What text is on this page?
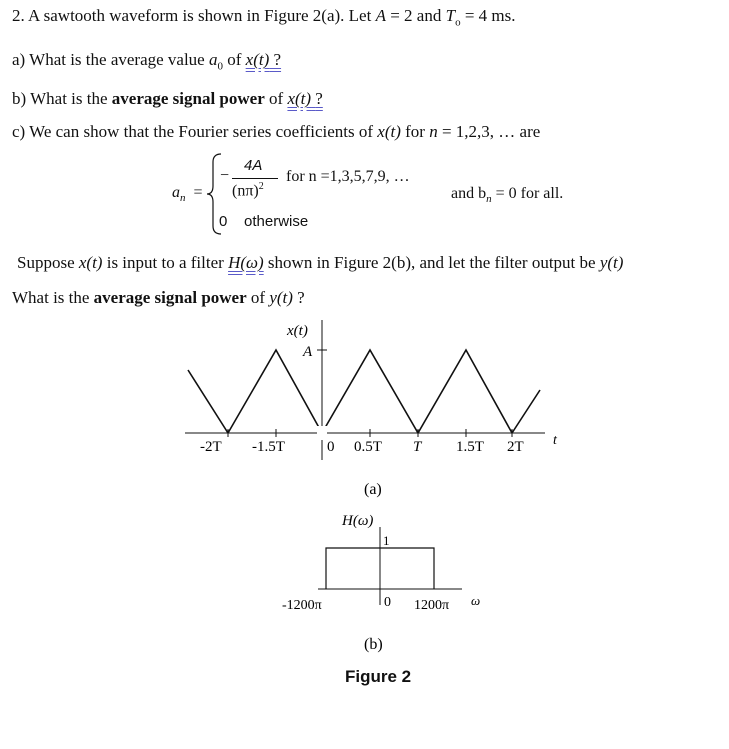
2. A sawtooth waveform is shown in Figure 2(a). Let A = 2 and $T_o = 4$ ms.
a) What is the average value $a_0$ of x(t) ?
b) What is the average signal power of x(t) ?
c) We can show that the Fourier series coefficients of x(t) for n = 1,2,3, … are
$a_n$ =
−
4A
$(n\pi)^2$
for n =1,3,5,7,9, …
0 otherwise
and $b_n = 0$ for all.
Suppose x(t) is input to a filter H(ω) shown in Figure 2(b), and let the filter output be y(t)
What is the average signal power of y(t) ?
x(t)
A
-2T -1.5T	0 0.5T T 1.5T 2T t
(a)
H(ω)
1
-1200π	0 1200π ω
(b)
Figure 2
